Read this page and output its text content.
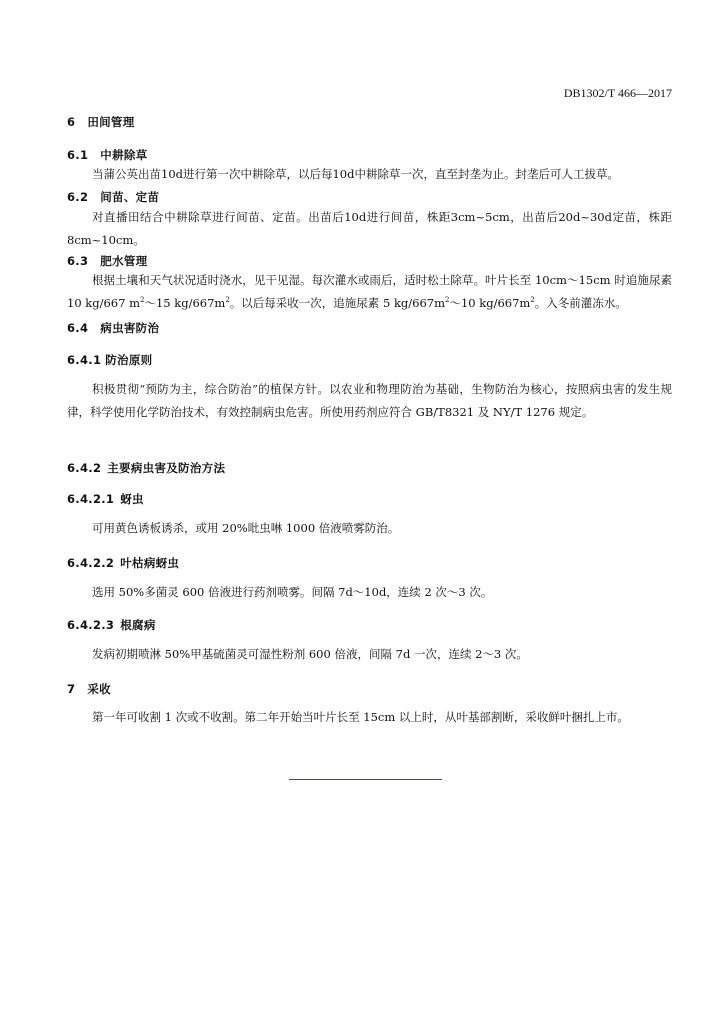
DB1302/T 466—2017
6 田间管理
6.1 中耕除草
当蒲公英出苗10d进行第一次中耕除草，以后每10d中耕除草一次，直至封垄为止。封垄后可人工拔草。
6.2 间苗、定苗
对直播田结合中耕除草进行间苗、定苗。出苗后10d进行间苗，株距3cm~5cm，出苗后20d~30d定苗，株距8cm~10cm。
6.3 肥水管理
根据土壤和天气状况适时浇水，见干见湿。每次灌水或雨后，适时松土除草。叶片长至 10cm～15cm 时追施尿素 10 kg/667 $m^2\sim 15$ $kg/667m^2$。以后每采收一次，追施尿素 5 $kg/667m^2\sim 10$ $kg/667m^2$。入冬前灌冻水。
6.4 病虫害防治
6.4.1 防治原则
积极贯彻“预防为主，综合防治”的植保方针。以农业和物理防治为基础，生物防治为核心，按照病虫害的发生规律，科学使用化学防治技术，有效控制病虫危害。所使用药剂应符合 GB/T8321 及 NY/T 1276 规定。
6.4.2 主要病虫害及防治方法
6.4.2.1 蚜虫
可用黄色诱板诱杀，或用 20%吡虫啉 1000 倍液喷雾防治。
6.4.2.2 叶枯病蚜虫
选用 50%多菌灵 600 倍液进行药剂喷雾。间隔 7d～10d，连续 2 次～3 次。
6.4.2.3 根腐病
发病初期喷淋 50%甲基硫菌灵可湿性粉剂 600 倍液，间隔 7d 一次，连续 2～3 次。
7 采收
第一年可收割 1 次或不收割。第二年开始当叶片长至 15cm 以上时，从叶基部割断，采收鲜叶捆扎上市。
